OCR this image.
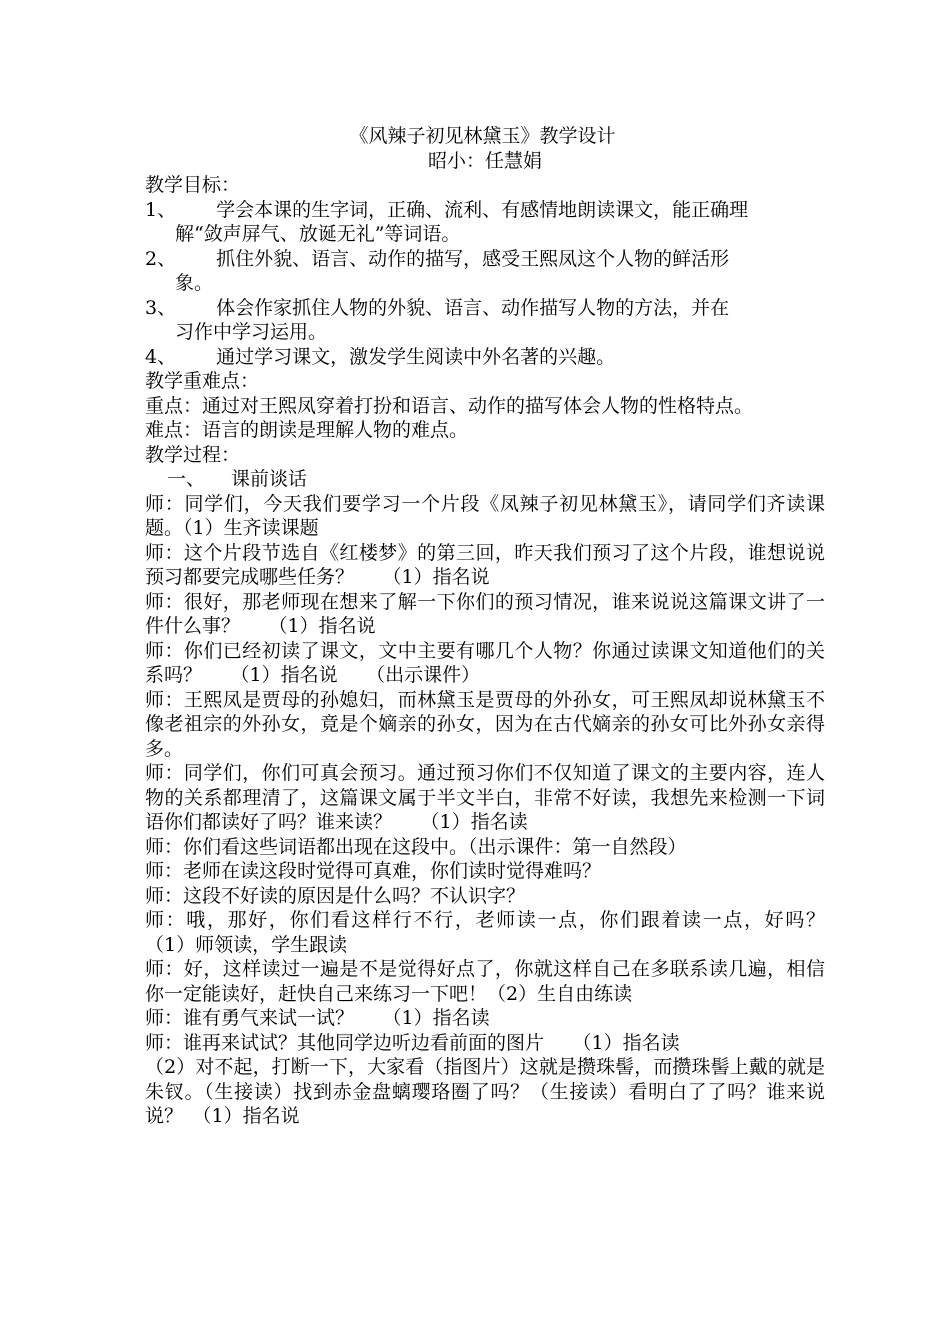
《风辣子初见林黛玉》教学设计
昭小：任慧娟
教学目标：
1、 学会本课的生字词，正确、流利、有感情地朗读课文，能正确理
解“敛声屏气、放诞无礼”等词语。
2、 抓住外貌、语言、动作的描写，感受王熙凤这个人物的鲜活形
象。
3、 体会作家抓住人物的外貌、语言、动作描写人物的方法，并在
习作中学习运用。
4、 通过学习课文，激发学生阅读中外名著的兴趣。
教学重难点：
重点：通过对王熙凤穿着打扮和语言、动作的描写体会人物的性格特点。
难点：语言的朗读是理解人物的难点。
教学过程：
一、 课前谈话
师：同学们，今天我们要学习一个片段《凤辣子初见林黛玉》，请同学们齐读课题。（1）生齐读课题
师：这个片段节选自《红楼梦》的第三回，昨天我们预习了这个片段，谁想说说预习都要完成哪些任务？　　（1）指名说
师：很好，那老师现在想来了解一下你们的预习情况，谁来说说这篇课文讲了一件什么事？　　（1）指名说
师：你们已经初读了课文，文中主要有哪几个人物？你通过读课文知道他们的关系吗？　　（1）指名说　　（出示课件）
师：王熙凤是贾母的孙媳妇，而林黛玉是贾母的外孙女，可王熙凤却说林黛玉不像老祖宗的外孙女，竟是个嫡亲的孙女，因为在古代嫡亲的孙女可比外孙女亲得多。
师：同学们，你们可真会预习。通过预习你们不仅知道了课文的主要内容，连人物的关系都理清了，这篇课文属于半文半白，非常不好读，我想先来检测一下词语你们都读好了吗？谁来读？　　（1）指名读
师：你们看这些词语都出现在这段中。（出示课件：第一自然段）
师：老师在读这段时觉得可真难，你们读时觉得难吗？
师：这段不好读的原因是什么吗？不认识字？
师：哦，那好，你们看这样行不行，老师读一点，你们跟着读一点，好吗？　　　（1）师领读，学生跟读
师：好，这样读过一遍是不是觉得好点了，你就这样自己在多联系读几遍，相信你一定能读好，赶快自己来练习一下吧！（2）生自由练读
师：谁有勇气来试一试？　　（1）指名读
师：谁再来试试？其他同学边听边看前面的图片　　（1）指名读
（2）对不起，打断一下，大家看（指图片）这就是攒珠髻，而攒珠髻上戴的就是朱钗。（生接读）找到赤金盘螭璎珞圈了吗？（生接读）看明白了了吗？谁来说说？　（1）指名说
